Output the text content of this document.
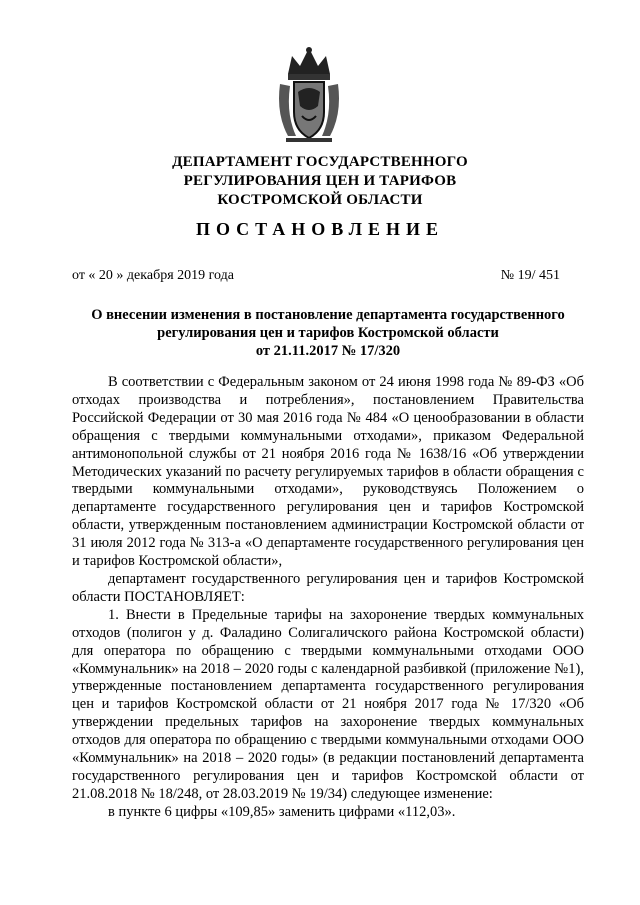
ДЕПАРТАМЕНТ ГОСУДАРСТВЕННОГО
РЕГУЛИРОВАНИЯ ЦЕН И ТАРИФОВ
КОСТРОМСКОЙ ОБЛАСТИ
ПОСТАНОВЛЕНИЕ
от « 20 » декабря 2019 года	№ 19/ 451
О внесении изменения в постановление департамента государственного
регулирования цен и тарифов Костромской области
от 21.11.2017 № 17/320

В соответствии с Федеральным законом от 24 июня 1998 года № 89-ФЗ «Об отходах производства и потребления», постановлением Правительства Российской Федерации от 30 мая 2016 года № 484 «О ценообразовании в области обращения с твердыми коммунальными отходами», приказом Федеральной антимонопольной службы от 21 ноября 2016 года № 1638/16 «Об утверждении Методических указаний по расчету регулируемых тарифов в области обращения с твердыми коммунальными отходами», руководствуясь Положением о департаменте государственного регулирования цен и тарифов Костромской области, утвержденным постановлением администрации Костромской области от 31 июля 2012 года № 313-а «О департаменте государственного регулирования цен и тарифов Костромской области»,

департамент государственного регулирования цен и тарифов Костромской области ПОСТАНОВЛЯЕТ:

1. Внести в Предельные тарифы на захоронение твердых коммунальных отходов (полигон у д. Фаладино Солигаличского района Костромской области) для оператора по обращению с твердыми коммунальными отходами ООО «Коммунальник» на 2018 – 2020 годы с календарной разбивкой (приложение №1), утвержденные постановлением департамента государственного регулирования цен и тарифов Костромской области от 21 ноября 2017 года № 17/320 «Об утверждении предельных тарифов на захоронение твердых коммунальных отходов для оператора по обращению с твердыми коммунальными отходами ООО «Коммунальник» на 2018 – 2020 годы» (в редакции постановлений департамента государственного регулирования цен и тарифов Костромской области от 21.08.2018 № 18/248, от 28.03.2019 № 19/34) следующее изменение:

в пункте 6 цифры «109,85» заменить цифрами «112,03».
